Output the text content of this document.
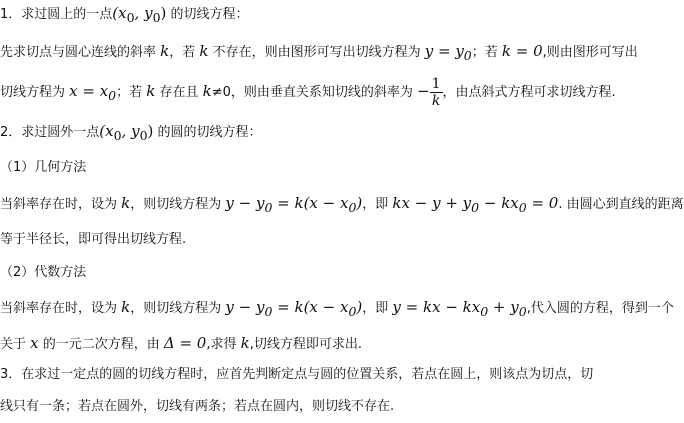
1．求过圆上的一点($x_0$, $y_0$) 的切线方程：
先求切点与圆心连线的斜率 k，若 k 不存在，则由图形可写出切线方程为 $y = y_0$；若 k = 0,则由图形可写出
切线方程为 $x = x_0$；若 k 存在且 k≠0，则由垂直关系知切线的斜率为 − $\frac{1}{k}$ ，由点斜式方程可求切线方程.
2．求过圆外一点($x_0$, $y_0$) 的圆的切线方程：
（1）几何方法
当斜率存在时，设为 k，则切线方程为 $y - y_0 = k(x - x_0)$，即 kx − $y + y_0 - kx_0 = 0$. 由圆心到直线的距离
等于半径长，即可得出切线方程.
（2）代数方法
当斜率存在时，设为 k，则切线方程为 $y - y_0 = k(x - x_0)$，即 y = kx − $kx_0 + y_0$,代入圆的方程，得到一个
关于 x 的一元二次方程，由 Δ = 0,求得 k,切线方程即可求出.
3．在求过一定点的圆的切线方程时，应首先判断定点与圆的位置关系，若点在圆上，则该点为切点，切
线只有一条；若点在圆外，切线有两条；若点在圆内，则切线不存在.
